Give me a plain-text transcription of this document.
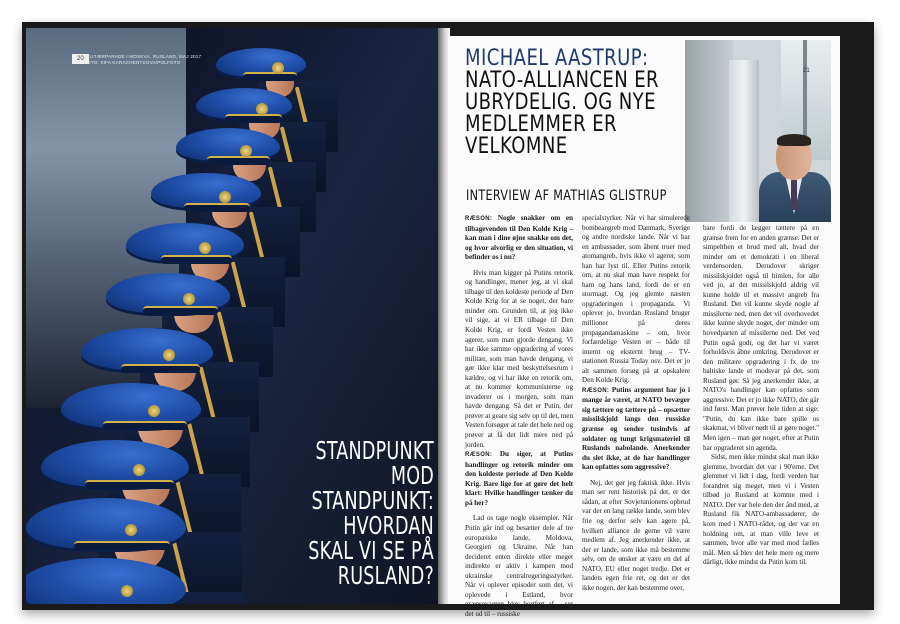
20 MILITÆRPARADE I MOSKVA, RUSLAND, MAJ 2017
FOTO: SIFA KARACHENTSOVA/POLFOTO
STANDPUNKT MOD STANDPUNKT: HVORDAN SKAL VI SE PÅ RUSLAND?
21
MICHAEL AASTRUP: NATO-ALLIANCEN ER UBRYDELIG. OG NYE MEDLEMMER ER VELKOMNE
INTERVIEW AF MATHIAS GLISTRUP

RÆSON: Nogle snakker om en tilbagevenden til Den Kolde Krig – kan man i dine øjne snakke om det, og hvor alvorlig er den situation, vi befinder os i nu?

Hvis man kigger på Putins retorik og handlinger, mener jeg, at vi skal tilbage til den koldeste periode af Den Kolde Krig for at se noget, der bare minder om. Grunden til, at jeg ikke vil sige, at vi ER tilbage til Den Kolde Krig, er fordi Vesten ikke agerer, som man gjorde dengang. Vi har ikke samme opgradering af vores militær, som man havde dengang, vi gør ikke klar med beskyttelsesrum i kældre, og vi har ikke en retorik om, at nu kommer kommunisterne og invaderer os i morgen, som man havde dengang. Så det er Putin, der prøver at geare sig selv op til det, men Vesten forsøger at tale det hele ned og prøver at få det lidt mere ned på jorden.

RÆSON: Du siger, at Putins handlinger og retorik minder om den koldeste periode af Den Kolde Krig. Bare lige for at gøre det helt klart: Hvilke handlinger tænker du på her?

Lad os tage nogle eksempler. Når Putin går ind og besætter dele af tre europæiske lande, Moldova, Georgien og Ukraine. Når han decideret enten direkte eller meget indirekte er aktiv i kampen mod ukrainske centralregeringsstyrker. Når vi oplever episoder som det, vi oplevede i Estland, hvor grænsevagten blev bortført af – ser det ud til – russiske

specialstyrker. Når vi har simulerede bombeangreb mod Danmark, Sverige og andre nordiske lande. Når vi har en ambassadør, som åbent truer med atomangreb, hvis ikke vi agerer, som han har lyst til. Eller Putins retorik om, at nu skal man have respekt for ham og hans land, fordi de er en stormagt. Og jeg glemte næsten opgraderingen i propaganda. Vi oplever jo, hvordan Rusland bruger millioner på deres propagandamaskine – om, hvor forfærdelige Vesten er – både til internt og eksternt brug – TV-stationen Russia Today osv. Det er jo alt sammen forsøg på at opskalere Den Kolde Krig.

RÆSON: Putins argument har jo i mange år været, at NATO bevæger sig tættere og tættere på – opsætter missilskjold langs den russiske grænse og sender tusindvis af soldater og tungt krigsmateriel til Ruslands nabolande. Anerkender du slet ikke, at de har handlinger kan opfattes som aggressive?

Nej, det gør jeg faktisk ikke. Hvis man ser rent historisk på det, er det sådan, at efter Sovjetunionens opbrud var der en lang række lande, som blev frie og derfor selv kan agere på, hvilken alliance de gerne vil være medlem af. Jeg anerkender ikke, at der er lande, som ikke må bestemme selv, om de ønsker at være en del af NATO, EU eller noget tredje. Det er landets egen frie ret, og det er det ikke nogen, der kan bestemme over,

bare fordi de lægger tættere på en grænse frem for en anden grænse. Det er simpelthen et brud med alt, hvad der minder om et demokrati i en liberal verdensorden. Derudover skriger missilskjoldet også til himlen, for alle ved jo, at det missilskjold aldrig vil kunne holde til et massivt angreb fra Rusland. Det vil kunne skyde nogle af missilerne ned, men det vil overhovedet ikke kunne skyde noget, der minder om hovedparten af missilerne ned. Det ved Putin også godt, og det har vi været forholdsvis åbne omkring. Derudover er den militære opgradering i fx de tre baltiske lande et modsvar på det, som Rusland gør. Så jeg anerkender ikke, at NATO's handlinger kan opfattes som aggressive. Det er jo ikke NATO, der går ind først. Man prøver hele tiden at sige: "Putin, du kan ikke bare spille os skakmat, vi bliver nødt til at gøre noget." Men igen – man gør noget, efter at Putin har opgraderet sin agenda.

Sidst, men ikke mindst skal man ikke glemme, hvordan det var i 90'erne. Det glemmer vi lidt i dag, fordi verden har forandret sig meget, men vi i Vesten tilbød jo Rusland at komme med i NATO. Der var hele den der ånd med, at Rusland fik NATO-ambassadører, de kom med i NATO-rådet, og der var en holdning om, at man ville leve et sammen, hvor alle var med mod fælles mål. Men så blev det hele mere og mere dårligt, ikke mindst da Putin kom til.
